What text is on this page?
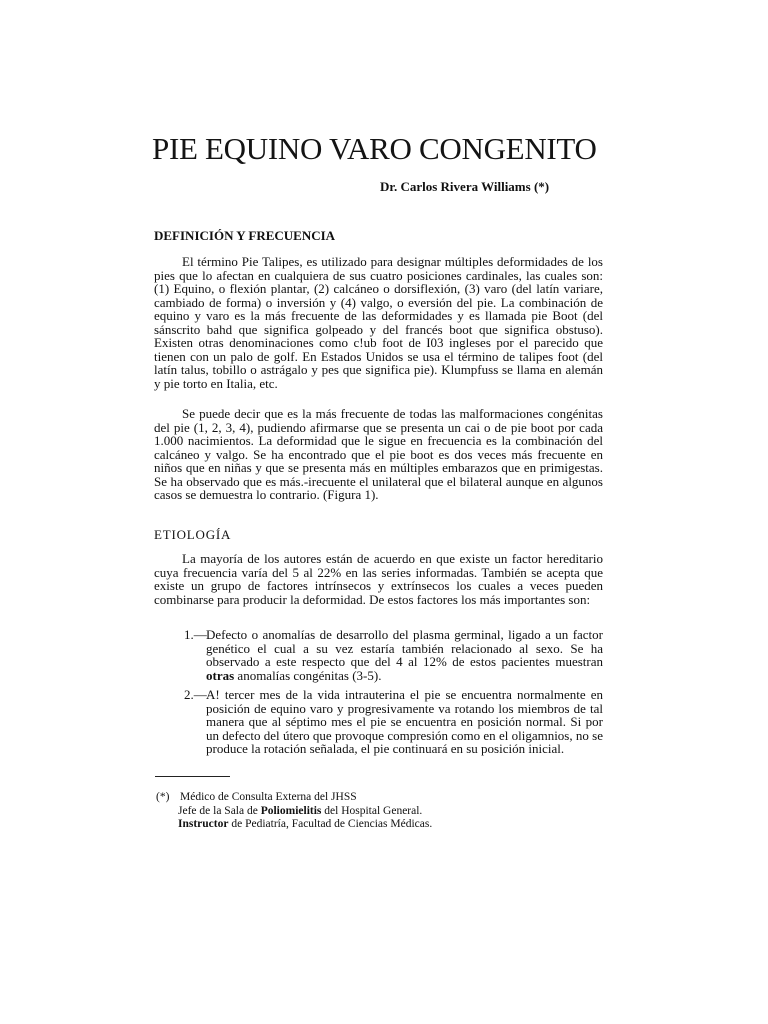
PIE EQUINO VARO CONGENITO

Dr. Carlos Rivera Williams (*)

DEFINICIÓN Y FRECUENCIA

El término Pie Talipes, es utilizado para designar múltiples deformidades de los pies que lo afectan en cualquiera de sus cuatro posiciones cardinales, las cuales son: (1) Equino, o flexión plantar, (2) calcáneo o dorsiflexión, (3) varo (del latín variare, cambiado de forma) o inversión y (4) valgo, o eversión del pie. La combinación de equino y varo es la más frecuente de las deformidades y es llamada pie Boot (del sánscrito bahd que significa golpeado y del francés boot que significa obstuso). Existen otras denominaciones como c!ub foot de I03 ingleses por el parecido que tienen con un palo de golf. En Estados Unidos se usa el término de talipes foot (del latín talus, tobillo o astrágalo y pes que significa pie). Klumpfuss se llama en alemán y pie torto en Italia, etc.

Se puede decir que es la más frecuente de todas las malformaciones congénitas del pie (1, 2, 3, 4), pudiendo afirmarse que se presenta un cai o de pie boot por cada 1.000 nacimientos. La deformidad que le sigue en frecuencia es la combinación del calcáneo y valgo. Se ha encontrado que el pie boot es dos veces más frecuente en niños que en niñas y que se presenta más en múltiples embarazos que en primigestas. Se ha observado que es más.-irecuente el unilateral que el bilateral aunque en algunos casos se demuestra lo contrario. (Figura 1).

ETIOLOGÍA

La mayoría de los autores están de acuerdo en que existe un factor hereditario cuya frecuencia varía del 5 al 22% en las series informadas. También se acepta que existe un grupo de factores intrínsecos y extrínsecos los cuales a veces pueden combinarse para producir la deformidad. De estos factores los más importantes son:

1.— Defecto o anomalías de desarrollo del plasma germinal, ligado a un factor genético el cual a su vez estaría también relacionado al sexo. Se ha observado a este respecto que del 4 al 12% de estos pacientes muestran otras anomalías congénitas (3-5).
2.— A! tercer mes de la vida intrauterina el pie se encuentra normalmente en posición de equino varo y progresivamente va rotando los miembros de tal manera que al séptimo mes el pie se encuentra en posición normal. Si por un defecto del útero que provoque compresión como en el oligamnios, no se produce la rotación señalada, el pie continuará en su posición inicial.
(*) Médico de Consulta Externa del JHSS
Jefe de la Sala de Poliomielitis del Hospital General.
Instructor de Pediatría, Facultad de Ciencias Médicas.
